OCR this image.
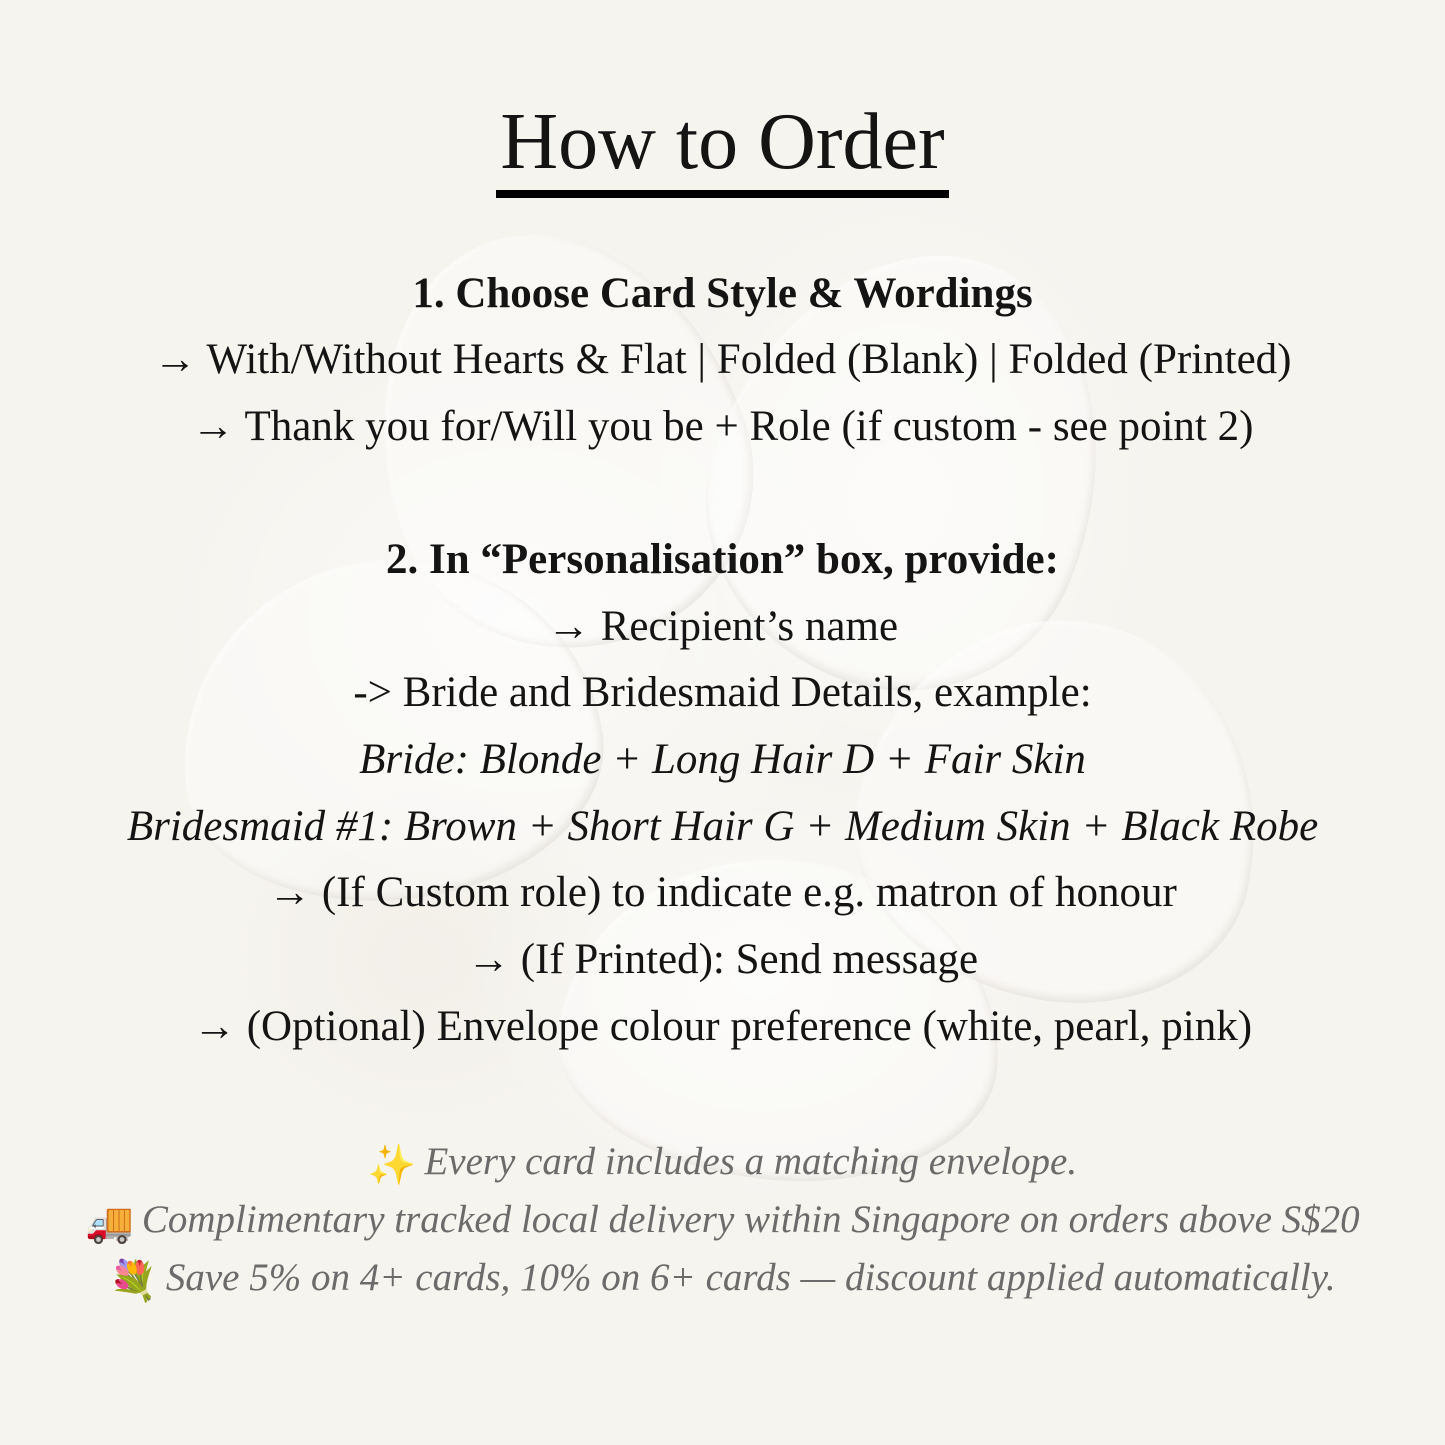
How to Order
1. Choose Card Style & Wordings
→ With/Without Hearts & Flat | Folded (Blank) | Folded (Printed)
→ Thank you for/Will you be + Role (if custom - see point 2)
2. In “Personalisation” box, provide:
→ Recipient’s name
-> Bride and Bridesmaid Details, example:
Bride: Blonde + Long Hair D + Fair Skin
Bridesmaid #1: Brown + Short Hair G + Medium Skin + Black Robe
→ (If Custom role) to indicate e.g. matron of honour
→ (If Printed): Send message
→ (Optional) Envelope colour preference (white, pearl, pink)
✨ Every card includes a matching envelope.
🚚 Complimentary tracked local delivery within Singapore on orders above S$20
💐 Save 5% on 4+ cards, 10% on 6+ cards — discount applied automatically.
